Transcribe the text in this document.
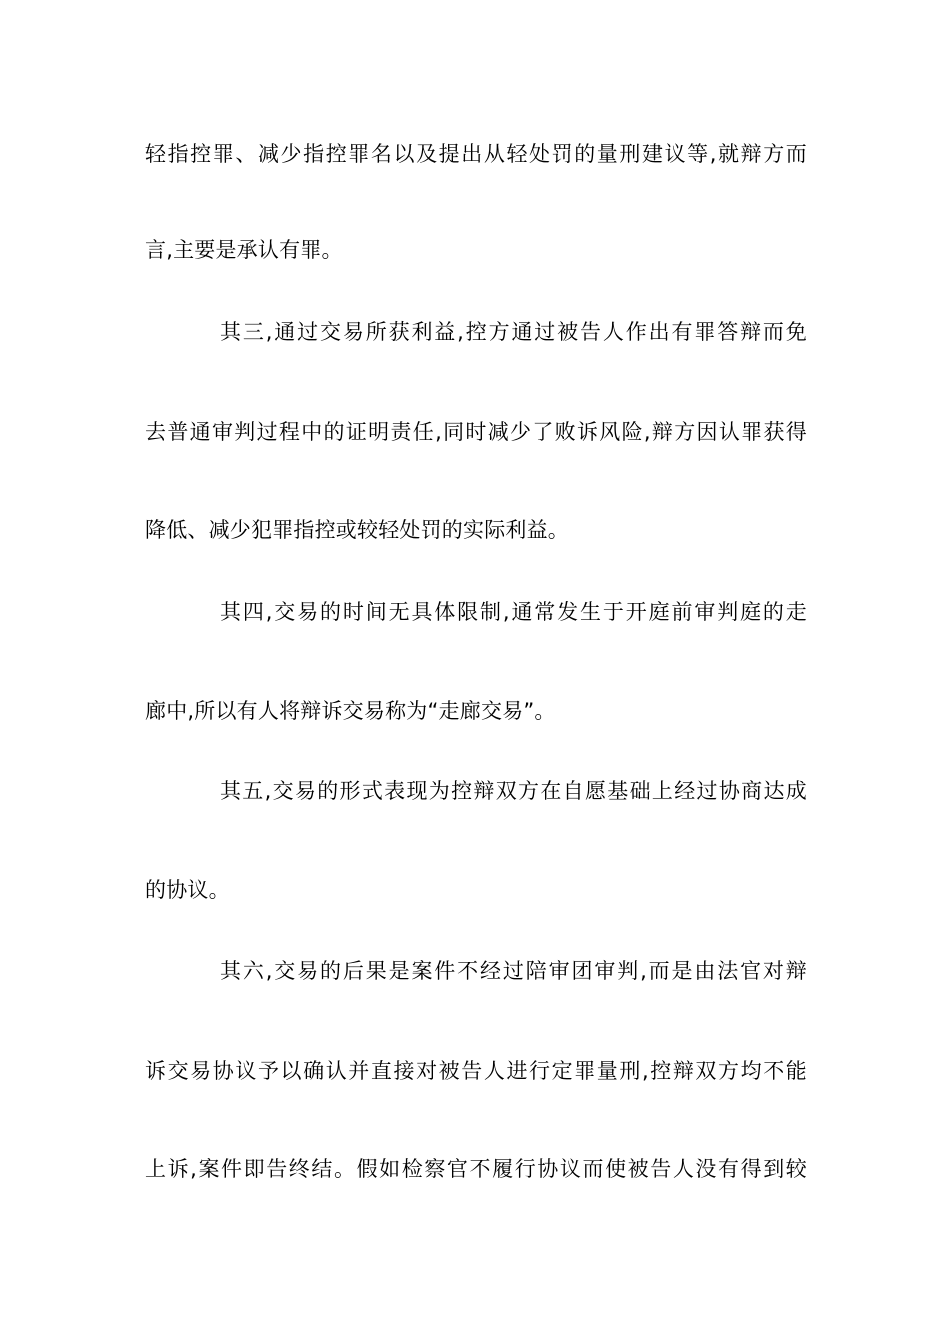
轻指控罪、减少指控罪名以及提出从轻处罚的量刑建议等,就辩方而
言,主要是承认有罪。
其三,通过交易所获利益,控方通过被告人作出有罪答辩而免
去普通审判过程中的证明责任,同时减少了败诉风险,辩方因认罪获得
降低、减少犯罪指控或较轻处罚的实际利益。
其四,交易的时间无具体限制,通常发生于开庭前审判庭的走
廊中,所以有人将辩诉交易称为“走廊交易”。
其五,交易的形式表现为控辩双方在自愿基础上经过协商达成
的协议。
其六,交易的后果是案件不经过陪审团审判,而是由法官对辩
诉交易协议予以确认并直接对被告人进行定罪量刑,控辩双方均不能
上诉,案件即告终结。假如检察官不履行协议而使被告人没有得到较
